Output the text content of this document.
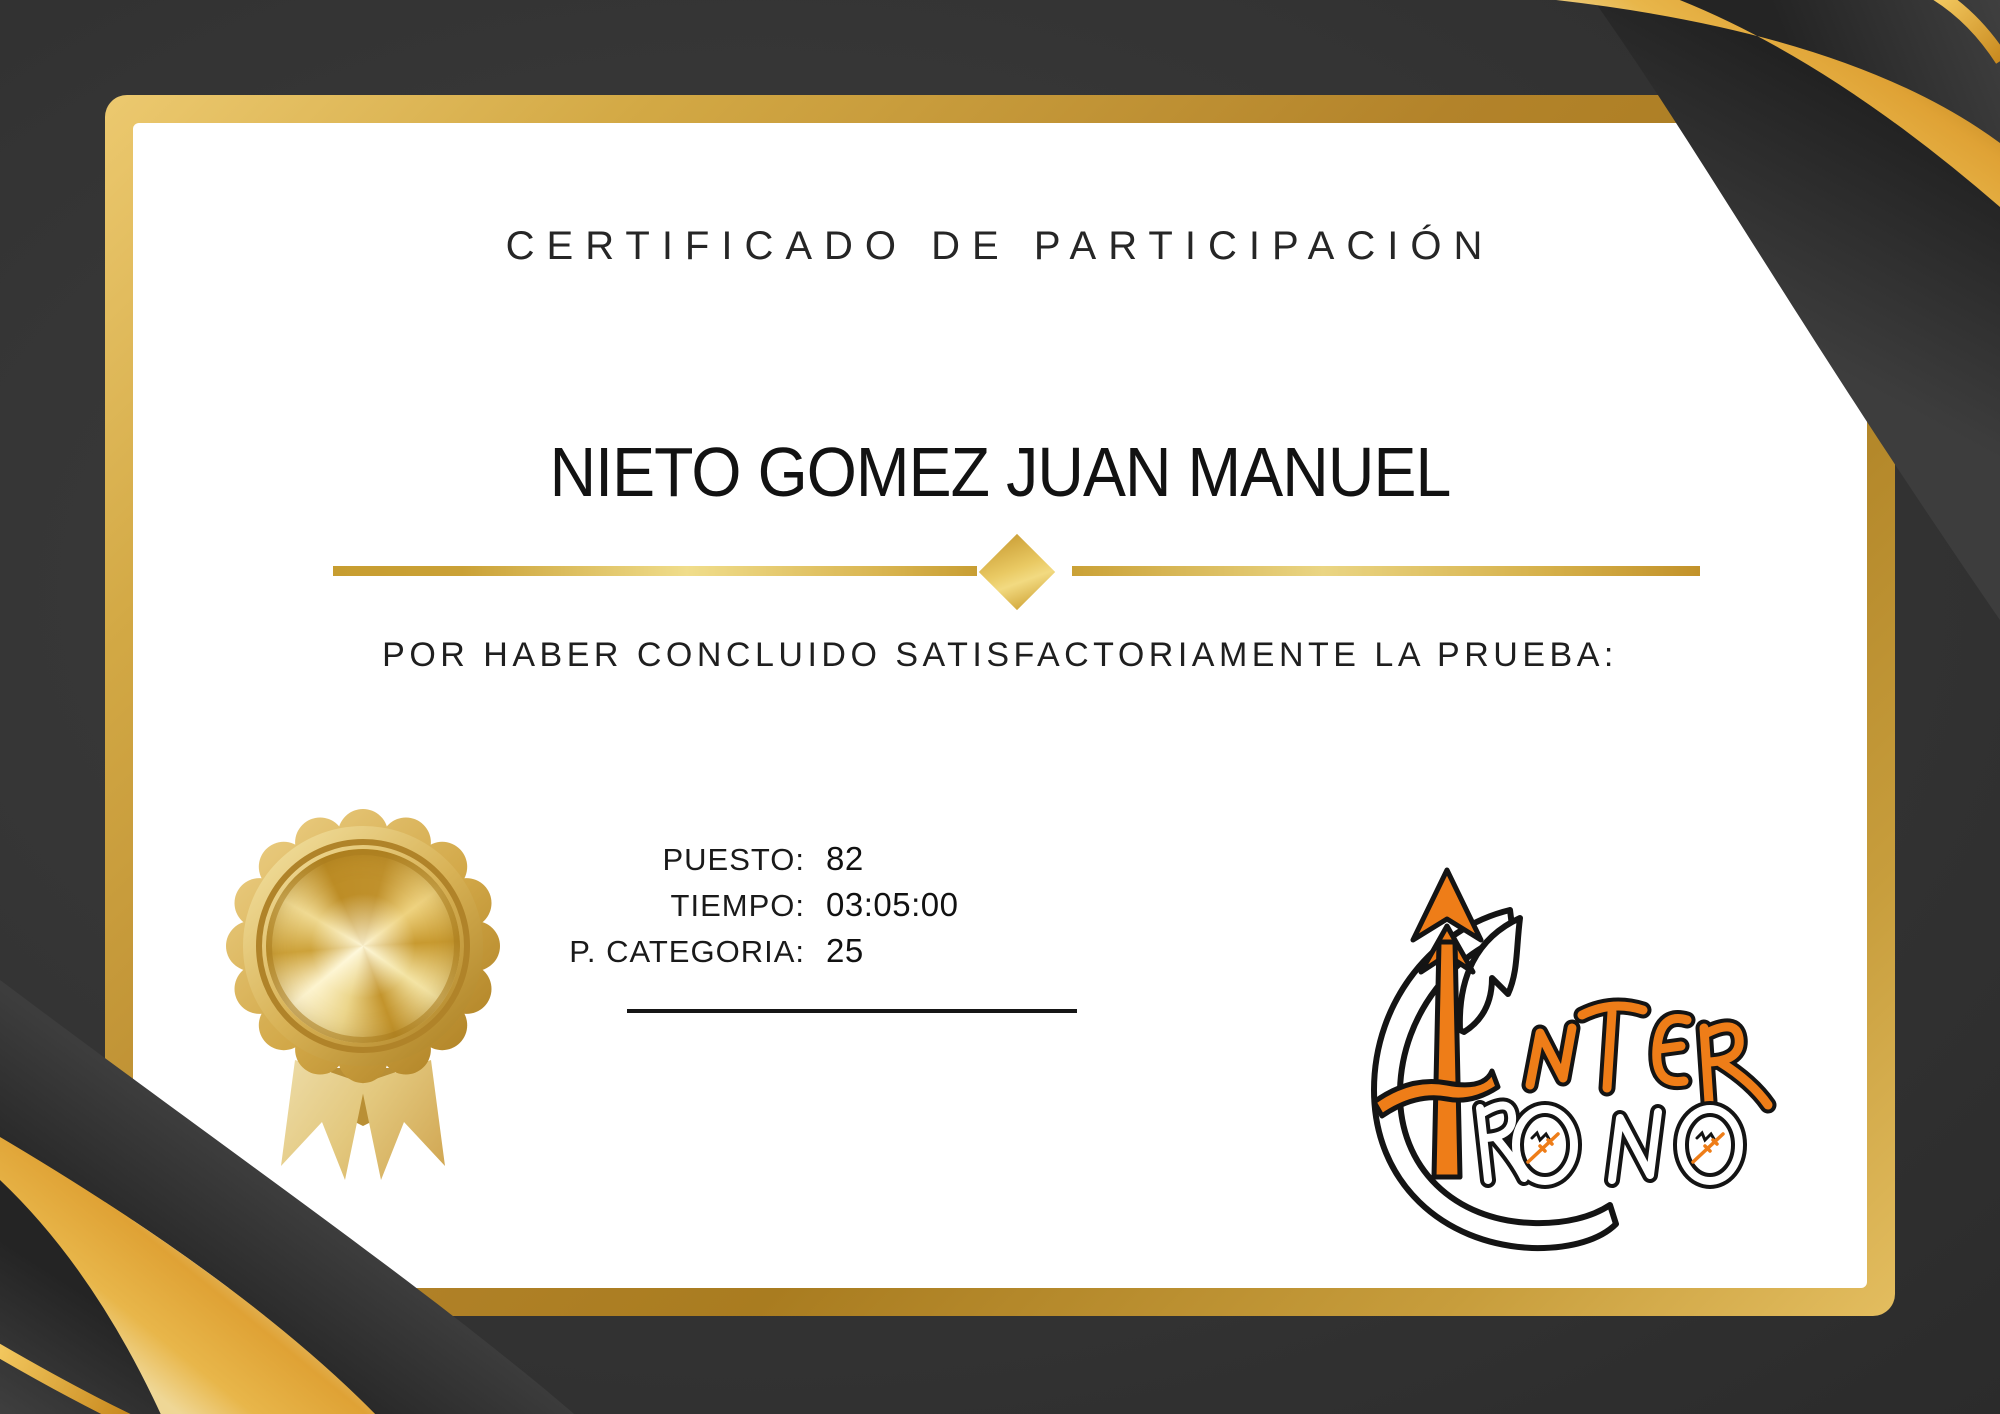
CERTIFICADO DE PARTICIPACIÓN
NIETO GOMEZ JUAN MANUEL
POR HABER CONCLUIDO SATISFACTORIAMENTE LA PRUEBA:
PUESTO: 82
TIEMPO: 03:05:00
P. CATEGORIA: 25
